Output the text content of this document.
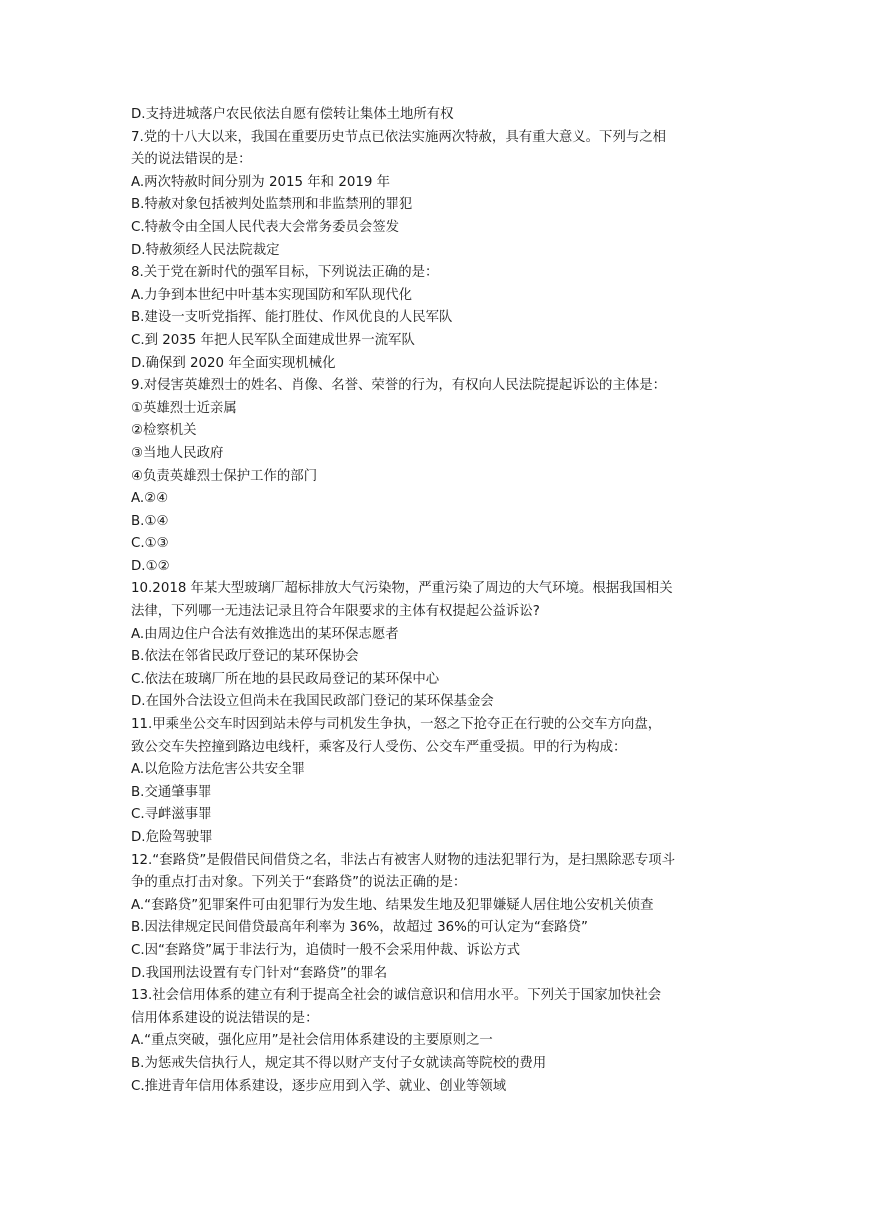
D.支持进城落户农民依法自愿有偿转让集体土地所有权
7.党的十八大以来，我国在重要历史节点已依法实施两次特赦，具有重大意义。下列与之相
关的说法错误的是：
A.两次特赦时间分别为 2015 年和 2019 年
B.特赦对象包括被判处监禁刑和非监禁刑的罪犯
C.特赦令由全国人民代表大会常务委员会签发
D.特赦须经人民法院裁定
8.关于党在新时代的强军目标，下列说法正确的是：
A.力争到本世纪中叶基本实现国防和军队现代化
B.建设一支听党指挥、能打胜仗、作风优良的人民军队
C.到 2035 年把人民军队全面建成世界一流军队
D.确保到 2020 年全面实现机械化
9.对侵害英雄烈士的姓名、肖像、名誉、荣誉的行为，有权向人民法院提起诉讼的主体是：
①英雄烈士近亲属
②检察机关
③当地人民政府
④负责英雄烈士保护工作的部门
A.②④
B.①④
C.①③
D.①②
10.2018 年某大型玻璃厂超标排放大气污染物，严重污染了周边的大气环境。根据我国相关
法律，下列哪一无违法记录且符合年限要求的主体有权提起公益诉讼?
A.由周边住户合法有效推选出的某环保志愿者
B.依法在邻省民政厅登记的某环保协会
C.依法在玻璃厂所在地的县民政局登记的某环保中心
D.在国外合法设立但尚未在我国民政部门登记的某环保基金会
11.甲乘坐公交车时因到站未停与司机发生争执，一怒之下抢夺正在行驶的公交车方向盘，
致公交车失控撞到路边电线杆，乘客及行人受伤、公交车严重受损。甲的行为构成：
A.以危险方法危害公共安全罪
B.交通肇事罪
C.寻衅滋事罪
D.危险驾驶罪
12.“套路贷”是假借民间借贷之名，非法占有被害人财物的违法犯罪行为，是扫黑除恶专项斗
争的重点打击对象。下列关于“套路贷”的说法正确的是：
A.“套路贷”犯罪案件可由犯罪行为发生地、结果发生地及犯罪嫌疑人居住地公安机关侦查
B.因法律规定民间借贷最高年利率为 36%，故超过 36%的可认定为“套路贷”
C.因“套路贷”属于非法行为，追债时一般不会采用仲裁、诉讼方式
D.我国刑法设置有专门针对“套路贷”的罪名
13.社会信用体系的建立有利于提高全社会的诚信意识和信用水平。下列关于国家加快社会
信用体系建设的说法错误的是：
A.“重点突破，强化应用”是社会信用体系建设的主要原则之一
B.为惩戒失信执行人，规定其不得以财产支付子女就读高等院校的费用
C.推进青年信用体系建设，逐步应用到入学、就业、创业等领域
